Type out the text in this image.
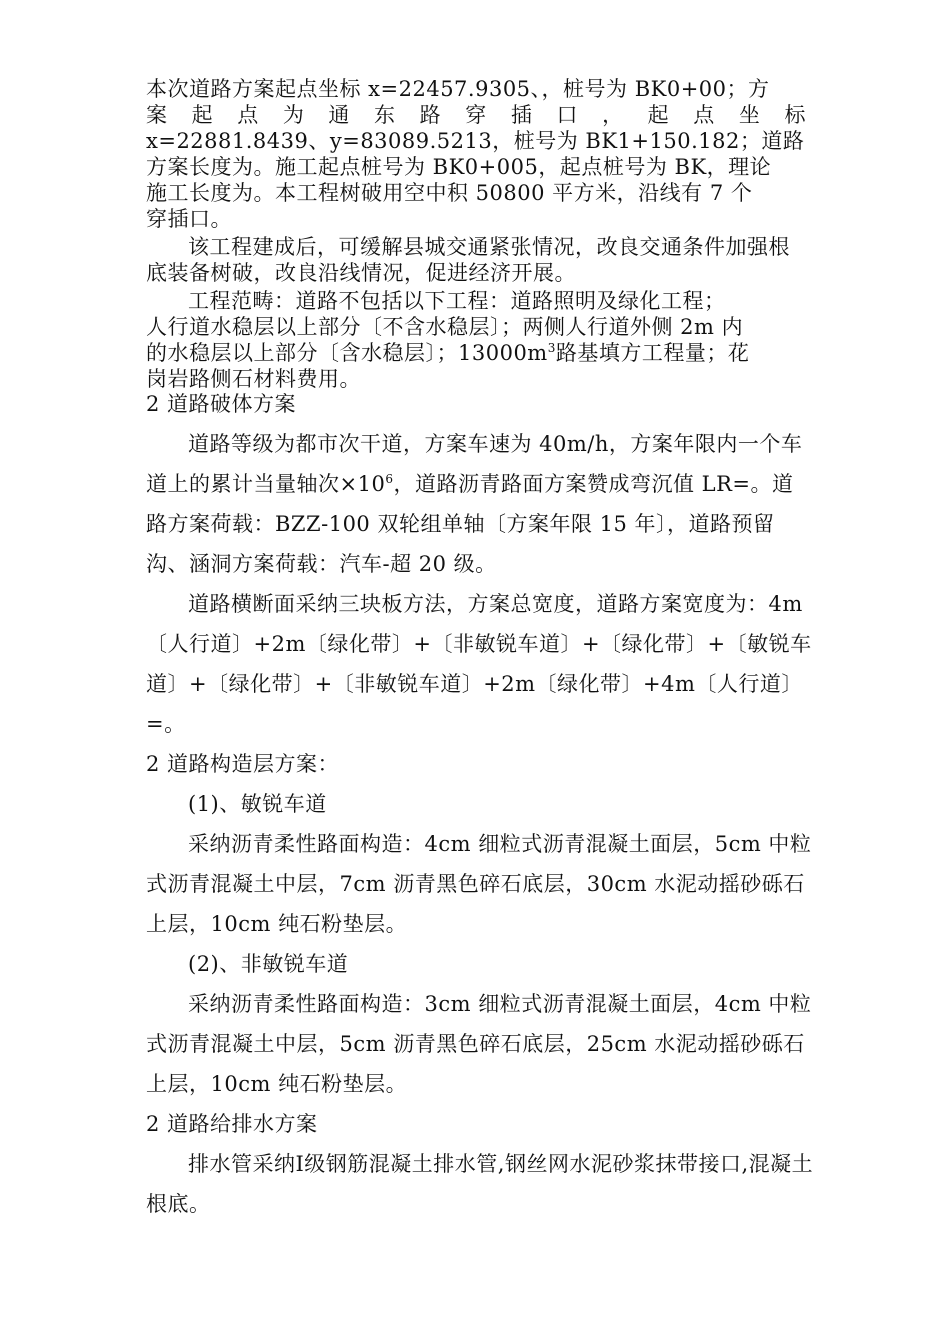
本次道路方案起点坐标 x=22457.9305、，桩号为 BK0+00；方

案 起 点 为 通 东 路 穿 插 口 ， 起 点 坐 标

x=22881.8439、y=83089.5213，桩号为 BK1+150.182；道路

方案长度为。施工起点桩号为 BK0+005，起点桩号为 BK，理论

施工长度为。本工程树破用空中积 50800 平方米，沿线有 7 个

穿插口。

该工程建成后，可缓解县城交通紧张情况，改良交通条件加强根底装备树破，改良沿线情况，促进经济开展。

工程范畴：道路不包括以下工程：道路照明及绿化工程；

人行道水稳层以上部分〔不含水稳层〕；两侧人行道外侧 2m 内

的水稳层以上部分〔含水稳层〕；$13000m^3$路基填方工程量；花

岗岩路侧石材料费用。

2 道路破体方案

道路等级为都市次干道，方案车速为 40m/h，方案年限内一个车道上的累计当量轴次$\times 10^6$，道路沥青路面方案赞成弯沉值 LR=。道路方案荷载：BZZ-100 双轮组单轴〔方案年限 15 年〕，道路预留沟、涵洞方案荷载：汽车-超 20 级。

道路横断面采纳三块板方法，方案总宽度，道路方案宽度为：4m〔人行道〕+2m〔绿化带〕+〔非敏锐车道〕+〔绿化带〕+〔敏锐车道〕+〔绿化带〕+〔非敏锐车道〕+2m〔绿化带〕+4m〔人行道〕=。

2 道路构造层方案：

(1)、敏锐车道

采纳沥青柔性路面构造：4cm 细粒式沥青混凝土面层，5cm 中粒式沥青混凝土中层，7cm 沥青黑色碎石底层，30cm 水泥动摇砂砾石上层，10cm 纯石粉垫层。

(2)、非敏锐车道

采纳沥青柔性路面构造：3cm 细粒式沥青混凝土面层，4cm 中粒式沥青混凝土中层，5cm 沥青黑色碎石底层，25cm 水泥动摇砂砾石上层，10cm 纯石粉垫层。

2 道路给排水方案

排水管采纳Ⅰ级钢筋混凝土排水管,钢丝网水泥砂浆抹带接口,混凝土根底。
